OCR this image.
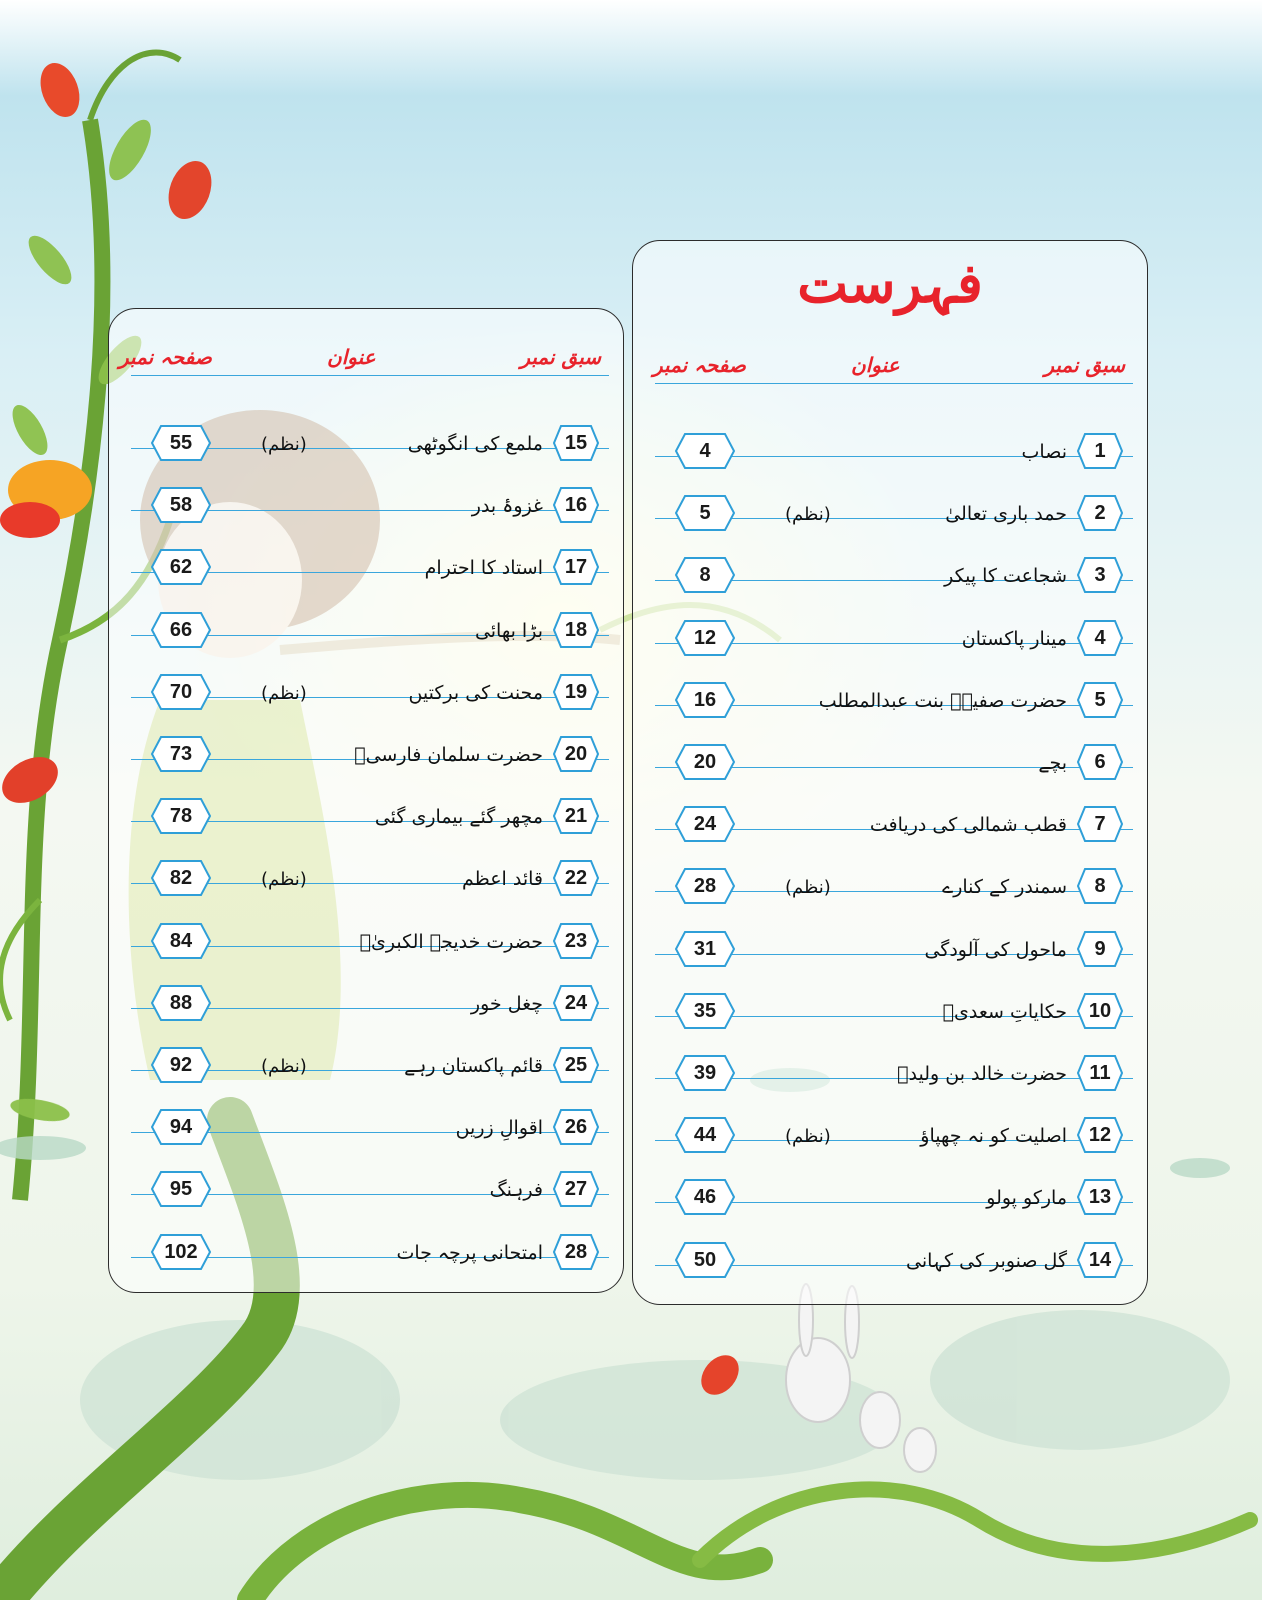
فہرست
سبق نمبر
عنوان
صفحہ نمبر
1
نصاب
4
2
حمد باری تعالیٰ
(نظم)
5
3
شجاعت کا پیکر
8
4
مینار پاکستان
12
5
حضرت صفیہؓ بنت عبدالمطلب
16
6
بچے
20
7
قطب شمالی کی دریافت
24
8
سمندر کے کنارے
(نظم)
28
9
ماحول کی آلودگی
31
10
حکایاتِ سعدیؒ
35
11
حضرت خالد بن ولیدؓ
39
12
اصلیت کو نہ چھپاؤ
(نظم)
44
13
مارکو پولو
46
14
گل صنوبر کی کہانی
50
سبق نمبر
عنوان
صفحہ نمبر
15
ملمع کی انگوٹھی
(نظم)
55
16
غزوۂ بدر
58
17
استاد کا احترام
62
18
بڑا بھائی
66
19
محنت کی برکتیں
(نظم)
70
20
حضرت سلمان فارسیؓ
73
21
مچھر گئے بیماری گئی
78
22
قائد اعظم
(نظم)
82
23
حضرت خدیجۃ الکبریٰؓ
84
24
چغل خور
88
25
قائم پاکستان رہے
(نظم)
92
26
اقوالِ زریں
94
27
فرہنگ
95
28
امتحانی پرچہ جات
102
